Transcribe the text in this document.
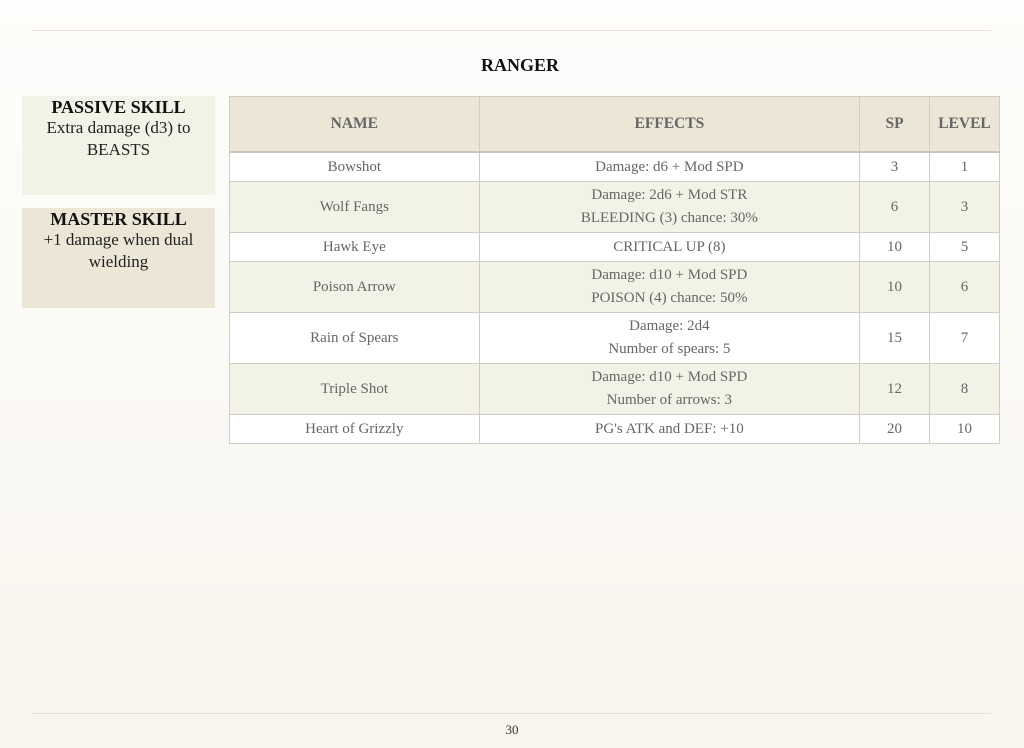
RANGER
PASSIVE SKILL
Extra damage (d3) to BEASTS
MASTER SKILL
+1 damage when dual wielding
NAME	EFFECTS	SP	LEVEL
Bowshot	Damage: d6 + Mod SPD	3	1
Wolf Fangs	Damage: 2d6 + Mod STR
BLEEDING (3) chance: 30%	6	3
Hawk Eye	CRITICAL UP (8)	10	5
Poison Arrow	Damage: d10 + Mod SPD
POISON (4) chance: 50%	10	6
Rain of Spears	Damage: 2d4
Number of spears: 5	15	7
Triple Shot	Damage: d10 + Mod SPD
Number of arrows: 3	12	8
Heart of Grizzly	PG's ATK and DEF: +10	20	10
30
